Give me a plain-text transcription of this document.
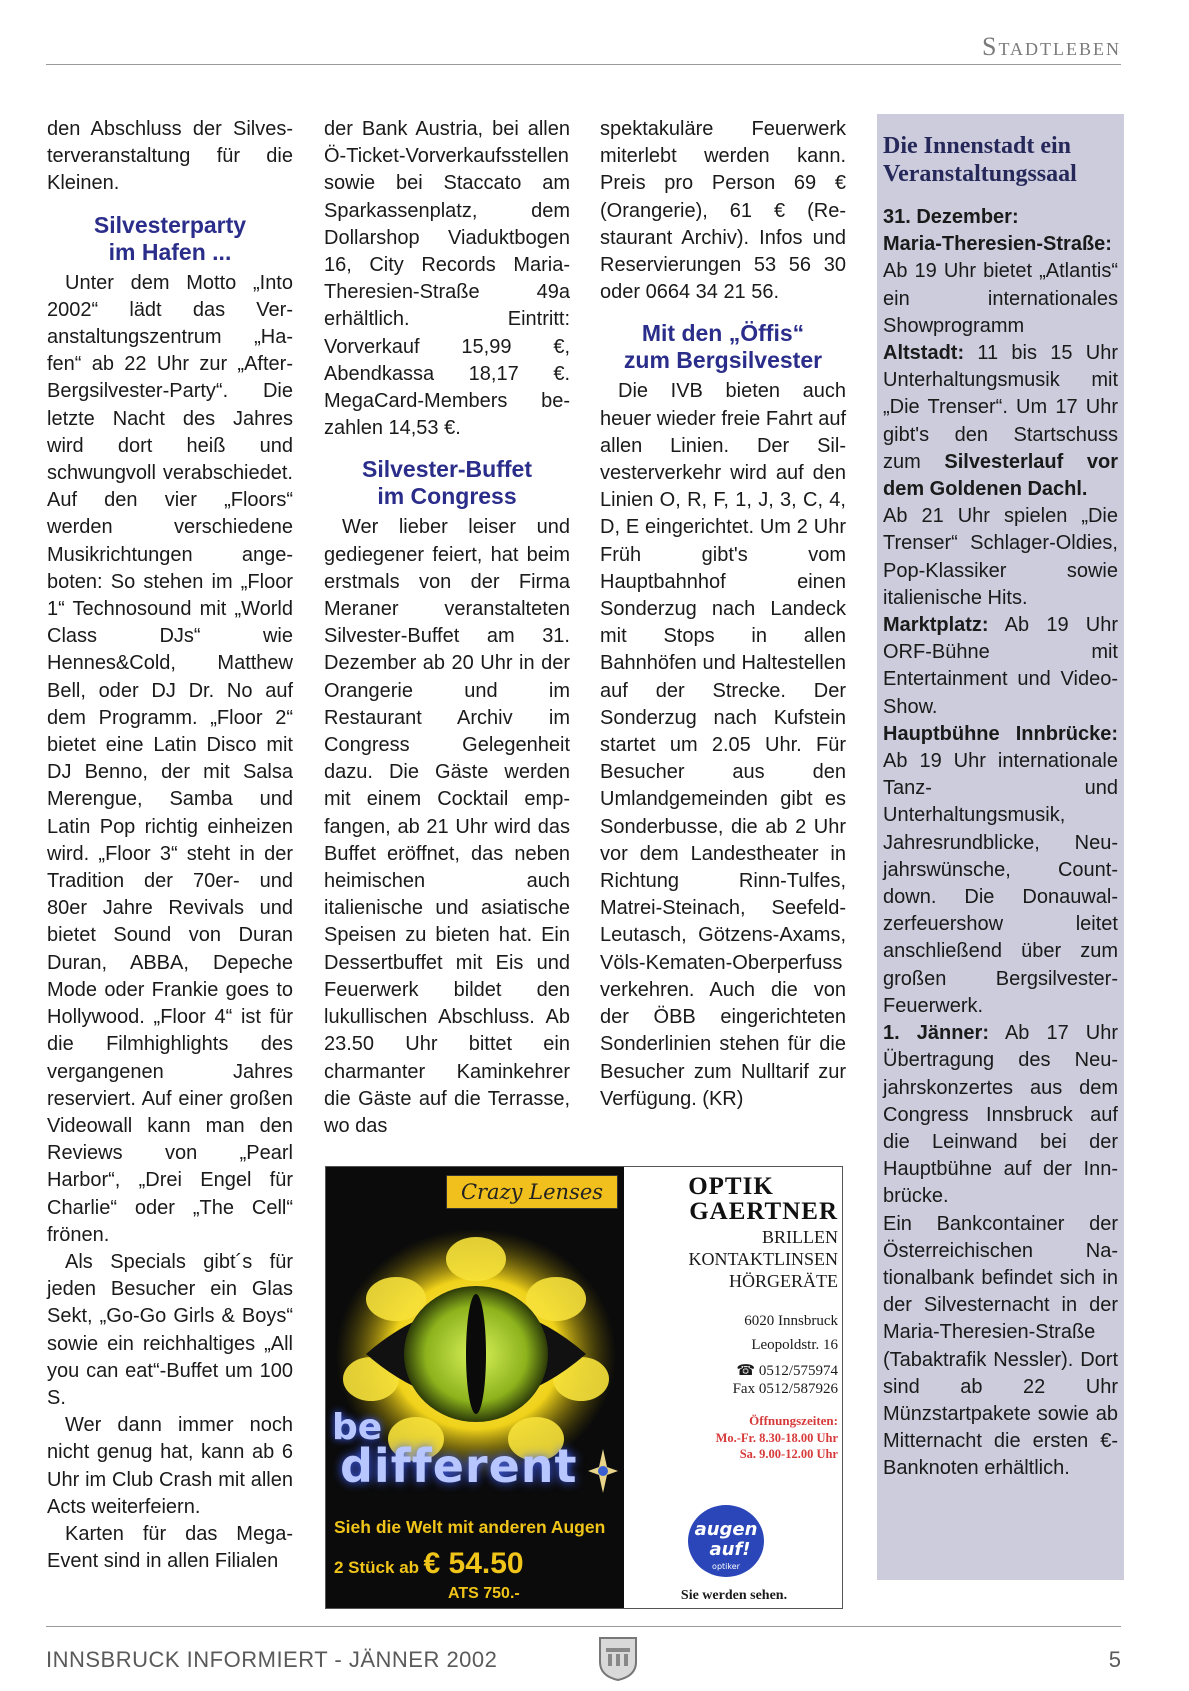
Stadtleben

den Abschluss der Silvesterveranstaltung für die Kleinen.

Silvesterparty
im Hafen ...

Unter dem Motto „Into 2002“ lädt das Veranstaltungszentrum „Hafen“ ab 22 Uhr zur „After-Bergsilvester-Party“. Die letzte Nacht des Jahres wird dort heiß und schwungvoll verabschiedet. Auf den vier „Floors“ werden verschiedene Musikrichtungen angeboten: So stehen im „Floor 1“ Technosound mit „World Class DJs“ wie Hennes&Cold, Matthew Bell, oder DJ Dr. No auf dem Programm. „Floor 2“ bietet eine Latin Disco mit DJ Benno, der mit Salsa Merengue, Samba und Latin Pop richtig einheizen wird. „Floor 3“ steht in der Tradition der 70er- und 80er Jahre Revivals und bietet Sound von Duran Duran, ABBA, Depeche Mode oder Frankie goes to Hollywood. „Floor 4“ ist für die Filmhighlights des vergangenen Jahres reserviert. Auf einer großen Videowall kann man den Reviews von „Pearl Harbor“, „Drei Engel für Charlie“ oder „The Cell“ frönen.

Als Specials gibt´s für jeden Besucher ein Glas Sekt, „Go-Go Girls & Boys“ sowie ein reichhaltiges „All you can eat“-Buffet um 100 S.

Wer dann immer noch nicht genug hat, kann ab 6 Uhr im Club Crash mit allen Acts weiterfeiern.

Karten für das Mega-Event sind in allen Filialen

der Bank Austria, bei allen Ö-Ticket-Vorverkaufsstellen sowie bei Staccato am Sparkassenplatz, dem Dollarshop Viaduktbogen 16, City Records Maria-Theresien-Straße 49a erhältlich. Eintritt: Vorverkauf 15,99 €, Abendkassa 18,17 €. MegaCard-Members bezahlen 14,53 €.

Silvester-Buffet
im Congress

Wer lieber leiser und gediegener feiert, hat beim erstmals von der Firma Meraner veranstalteten Silvester-Buffet am 31. Dezember ab 20 Uhr in der Orangerie und im Restaurant Archiv im Congress Gelegenheit dazu. Die Gäste werden mit einem Cocktail empfangen, ab 21 Uhr wird das Buffet eröffnet, das neben heimischen auch italienische und asiatische Speisen zu bieten hat. Ein Dessertbuffet mit Eis und Feuerwerk bildet den lukullischen Abschluss. Ab 23.50 Uhr bittet ein charmanter Kaminkehrer die Gäste auf die Terrasse, wo das

spektakuläre Feuerwerk miterlebt werden kann. Preis pro Person 69 € (Orangerie), 61 € (Restaurant Archiv). Infos und Reservierungen 53 56 30 oder 0664 34 21 56.

Mit den „Öffis“
zum Bergsilvester

Die IVB bieten auch heuer wieder freie Fahrt auf allen Linien. Der Silvesterverkehr wird auf den Linien O, R, F, 1, J, 3, C, 4, D, E eingerichtet. Um 2 Uhr Früh gibt's vom Hauptbahnhof einen Sonderzug nach Landeck mit Stops in allen Bahnhöfen und Haltestellen auf der Strecke. Der Sonderzug nach Kufstein startet um 2.05 Uhr. Für Besucher aus den Umlandgemeinden gibt es Sonderbusse, die ab 2 Uhr vor dem Landestheater in Richtung Rinn-Tulfes, Matrei-Steinach, Seefeld-Leutasch, Götzens-Axams, Völs-Kematen-Oberperfuss verkehren. Auch die von der ÖBB eingerichteten Sonderlinien stehen für die Besucher zum Nulltarif zur Verfügung. (KR)

Die Innenstadt ein Veranstaltungssaal

31. Dezember:

Maria-Theresien-Straße: Ab 19 Uhr bietet „Atlantis“ ein internationales Showprogramm

Altstadt: 11 bis 15 Uhr Unterhaltungsmusik mit „Die Trenser“. Um 17 Uhr gibt's den Startschuss zum Silvesterlauf vor dem Goldenen Dachl.

Ab 21 Uhr spielen „Die Trenser“ Schlager-Oldies, Pop-Klassiker sowie italienische Hits.

Marktplatz: Ab 19 Uhr ORF-Bühne mit Entertainment und Video-Show.

Hauptbühne Innbrücke: Ab 19 Uhr internationale Tanz- und Unterhaltungsmusik, Jahresrundblicke, Neujahrswünsche, Countdown. Die Donauwalzerfeuershow leitet anschließend über zum großen Bergsilvester-Feuerwerk.

1. Jänner: Ab 17 Uhr Übertragung des Neujahrskonzertes aus dem Congress Innsbruck auf die Leinwand bei der Hauptbühne auf der Innbrücke.

Ein Bankcontainer der Österreichischen Nationalbank befindet sich in der Silvesternacht in der Maria-Theresien-Straße (Tabaktrafik Nessler). Dort sind ab 22 Uhr Münzstartpakete sowie ab Mitternacht die ersten €-Banknoten erhältlich.

Crazy Lenses
be
different
Sieh die Welt mit anderen Augen
2 Stück ab € 54.50
ATS 750.-
OPTIK
GAERTNER
BRILLEN
KONTAKTLINSEN
HÖRGERÄTE
6020 Innsbruck
Leopoldstr. 16
☎ 0512/575974
Fax 0512/587926
Öffnungszeiten:
Mo.-Fr. 8.30-18.00 Uhr
Sa. 9.00-12.00 Uhr
augen
auf!
optiker
Sie werden sehen.
INNSBRUCK INFORMIERT - JÄNNER 2002	5
